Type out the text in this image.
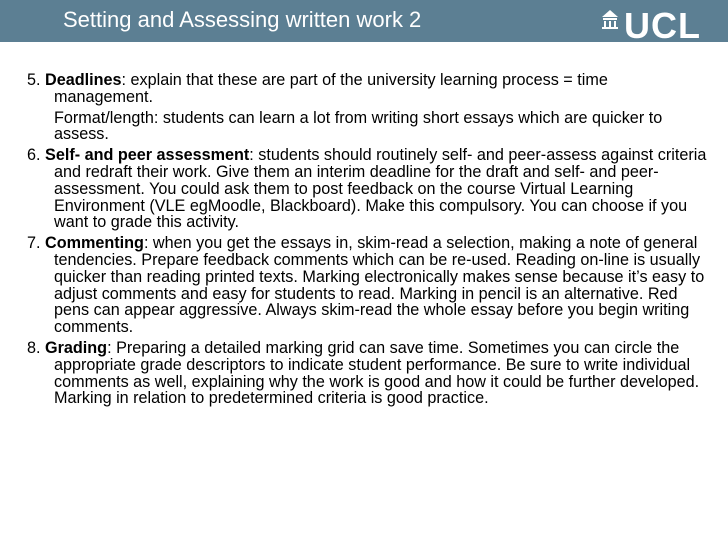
Setting and Assessing written work 2	UCL

5. Deadlines: explain that these are part of the university learning process = time management.

Format/length: students can learn a lot from writing short essays which are quicker to assess.

6. Self- and peer assessment: students should routinely self- and peer-assess against criteria and redraft their work. Give them an interim deadline for the draft and self- and peer-assessment. You could ask them to post feedback on the course Virtual Learning Environment (VLE egMoodle, Blackboard). Make this compulsory. You can choose if you want to grade this activity.

7. Commenting: when you get the essays in, skim-read a selection, making a note of general tendencies. Prepare feedback comments which can be re-used. Reading on-line is usually quicker than reading printed texts. Marking electronically makes sense because it’s easy to adjust comments and easy for students to read. Marking in pencil is an alternative. Red pens can appear aggressive. Always skim-read the whole essay before you begin writing comments.

8. Grading: Preparing a detailed marking grid can save time. Sometimes you can circle the appropriate grade descriptors to indicate student performance. Be sure to write individual comments as well, explaining why the work is good and how it could be further developed. Marking in relation to predetermined criteria is good practice.
